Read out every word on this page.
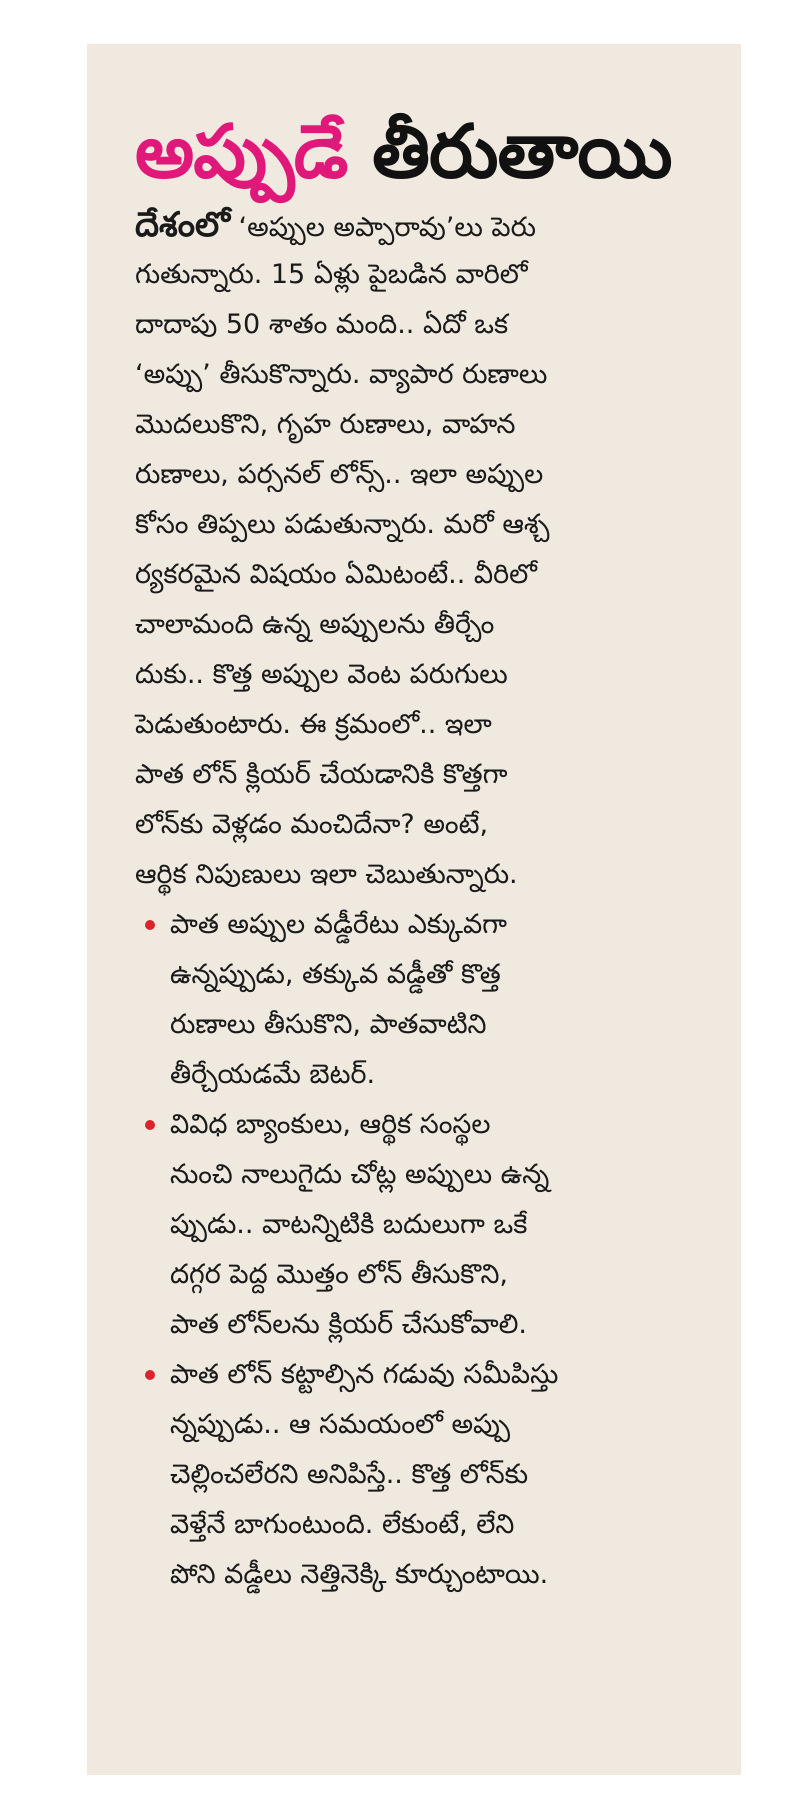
అప్పుడే తీరుతాయి
దేశంలో ‘అప్పుల అప్పారావు’లు పెరు
గుతున్నారు. 15 ఏళ్లు పైబడిన వారిలో
దాదాపు 50 శాతం మంది.. ఏదో ఒక
‘అప్పు’ తీసుకొన్నారు. వ్యాపార రుణాలు
మొదలుకొని, గృహ రుణాలు, వాహన
రుణాలు, పర్సనల్ లోన్స్.. ఇలా అప్పుల
కోసం తిప్పలు పడుతున్నారు. మరో ఆశ్చ
ర్యకరమైన విషయం ఏమిటంటే.. వీరిలో
చాలామంది ఉన్న అప్పులను తీర్చేం
దుకు.. కొత్త అప్పుల వెంట పరుగులు
పెడుతుంటారు. ఈ క్రమంలో.. ఇలా
పాత లోన్ క్లియర్ చేయడానికి కొత్తగా
లోన్‌కు వెళ్లడం మంచిదేనా? అంటే,
ఆర్థిక నిపుణులు ఇలా చెబుతున్నారు.
పాత అప్పుల వడ్డీరేటు ఎక్కువగా
ఉన్నప్పుడు, తక్కువ వడ్డీతో కొత్త
రుణాలు తీసుకొని, పాతవాటిని
తీర్చేయడమే బెటర్.
వివిధ బ్యాంకులు, ఆర్థిక సంస్థల
నుంచి నాలుగైదు చోట్ల అప్పులు ఉన్న
ప్పుడు.. వాటన్నిటికి బదులుగా ఒకే
దగ్గర పెద్ద మొత్తం లోన్ తీసుకొని,
పాత లోన్‌లను క్లియర్ చేసుకోవాలి.
పాత లోన్ కట్టాల్సిన గడువు సమీపిస్తు
న్నప్పుడు.. ఆ సమయంలో అప్పు
చెల్లించలేరని అనిపిస్తే.. కొత్త లోన్‌కు
వెళ్తేనే బాగుంటుంది. లేకుంటే, లేని
పోని వడ్డీలు నెత్తినెక్కి కూర్చుంటాయి.
